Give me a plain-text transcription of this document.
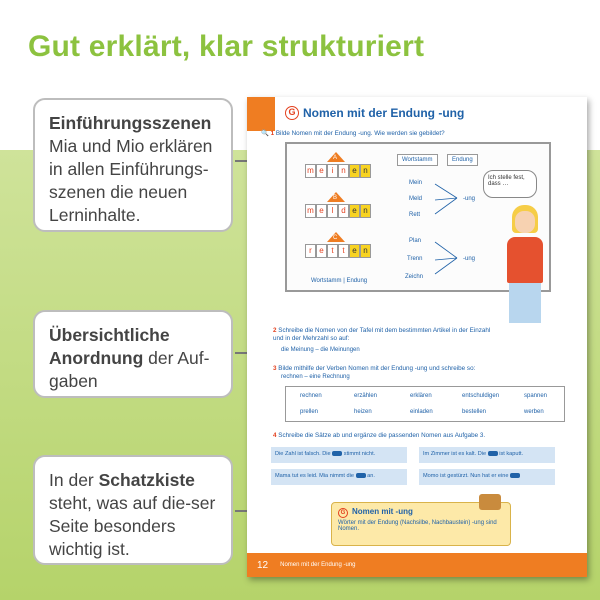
Gut erklärt, klar strukturiert
Einführungsszenen
Mia und Mio erklären in allen Einführungs-szenen die neuen Lerninhalte.
Übersichtliche Anordnung der Auf-gaben
In der Schatzkiste steht, was auf die-ser Seite besonders wichtig ist.
G Nomen mit der Endung -ung
🔍 1 Bilde Nomen mit der Endung -ung. Wie werden sie gebildet?
A
m e i n e n
B
m e l d e n
C
r e t	t e n
Wortstamm | Endung
Wortstamm	Endung
Mein
Meld
Rett
-ung
Plan
Trenn
Zeichn
-ung
Ich stelle fest, dass …
2 Schreibe die Nomen von der Tafel mit dem bestimmten Artikel in der Einzahl und in der Mehrzahl so auf:
die Meinung – die Meinungen
3 Bilde mithilfe der Verben Nomen mit der Endung -ung und schreibe so:
rechnen – eine Rechnung
rechnen	erzählen	erklären	entschuldigen	spannen
prellen	heizen	einladen	bestellen	werben
4 Schreibe die Sätze ab und ergänze die passenden Nomen aus Aufgabe 3.
Die Zahl ist falsch. Die stimmt nicht.	Im Zimmer ist es kalt. Die ist kaputt.
Mama tut es leid. Mia nimmt die an.	Momo ist gestürzt. Nun hat er eine
G Nomen mit -ung
Wörter mit der Endung (Nachsilbe, Nachbaustein) -ung sind Nomen.
12 Nomen mit der Endung -ung
